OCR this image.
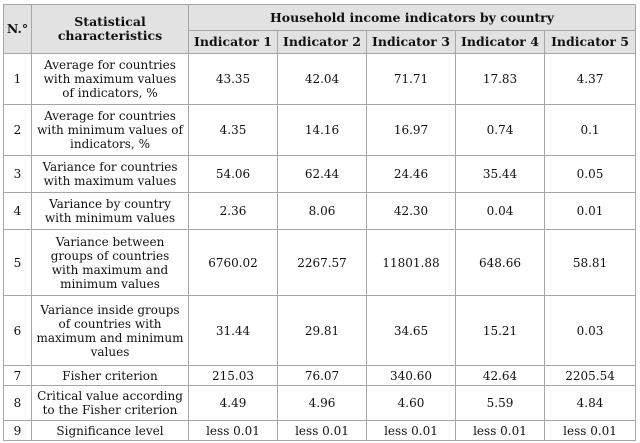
N.°	Statistical characteristics	Household income indicators by country				
		Indicator 1	Indicator 2	Indicator 3	Indicator 4	Indicator 5
1	Average for countries with maximum values of indicators, %	43.35	42.04	71.71	17.83	4.37
2	Average for countries with minimum values of indicators, %	4.35	14.16	16.97	0.74	0.1
3	Variance for countries with maximum values	54.06	62.44	24.46	35.44	0.05
4	Variance by country with minimum values	2.36	8.06	42.30	0.04	0.01
5	Variance between groups of countries with maximum and minimum values	6760.02	2267.57	11801.88	648.66	58.81
6	Variance inside groups of countries with maximum and minimum values	31.44	29.81	34.65	15.21	0.03
7	Fisher criterion	215.03	76.07	340.60	42.64	2205.54
8	Critical value according to the Fisher criterion	4.49	4.96	4.60	5.59	4.84
9	Significance level	less 0.01	less 0.01	less 0.01	less 0.01	less 0.01
